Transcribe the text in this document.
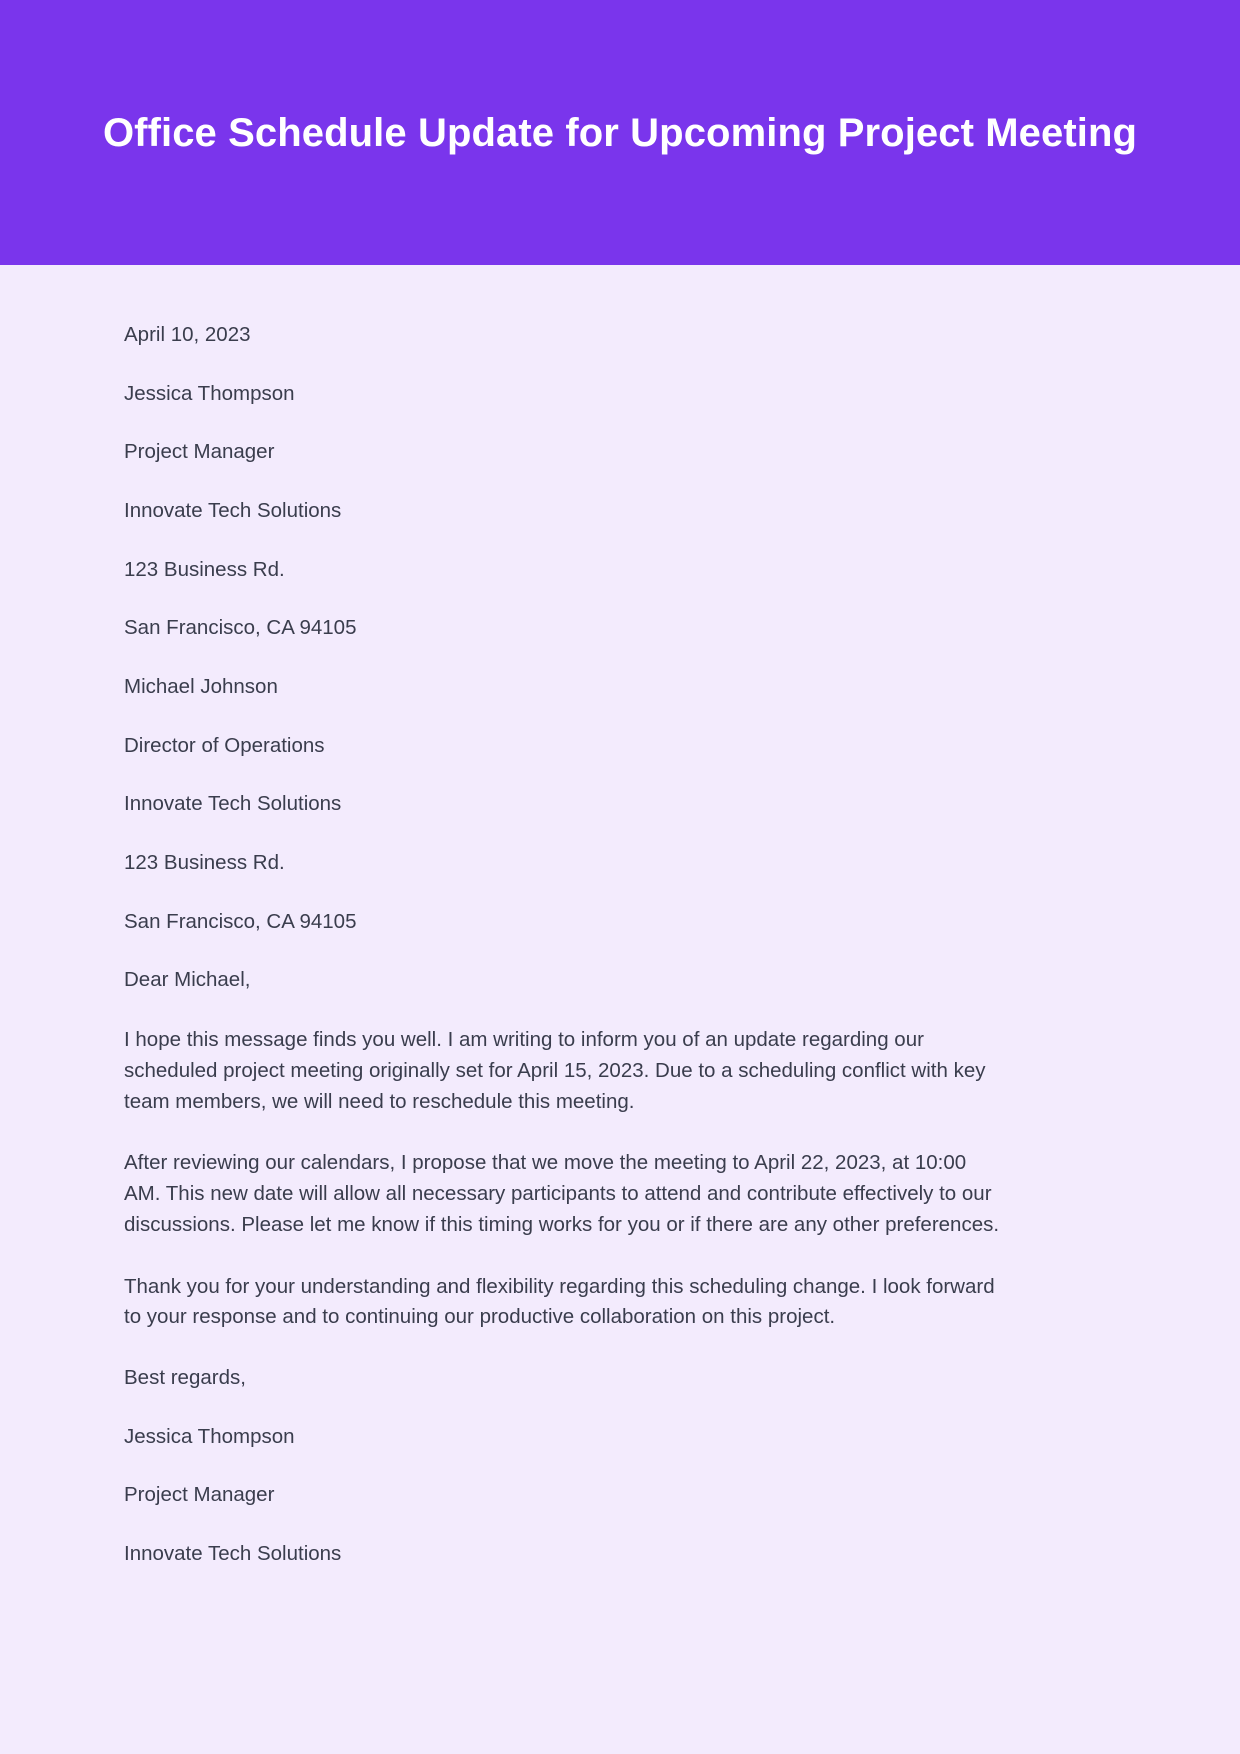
Office Schedule Update for Upcoming Project Meeting

April 10, 2023

Jessica Thompson

Project Manager

Innovate Tech Solutions

123 Business Rd.

San Francisco, CA 94105

Michael Johnson

Director of Operations

Innovate Tech Solutions

123 Business Rd.

San Francisco, CA 94105

Dear Michael,

I hope this message finds you well. I am writing to inform you of an update regarding our scheduled project meeting originally set for April 15, 2023. Due to a scheduling conflict with key team members, we will need to reschedule this meeting.

After reviewing our calendars, I propose that we move the meeting to April 22, 2023, at 10:00 AM. This new date will allow all necessary participants to attend and contribute effectively to our discussions. Please let me know if this timing works for you or if there are any other preferences.

Thank you for your understanding and flexibility regarding this scheduling change. I look forward to your response and to continuing our productive collaboration on this project.

Best regards,

Jessica Thompson

Project Manager

Innovate Tech Solutions
